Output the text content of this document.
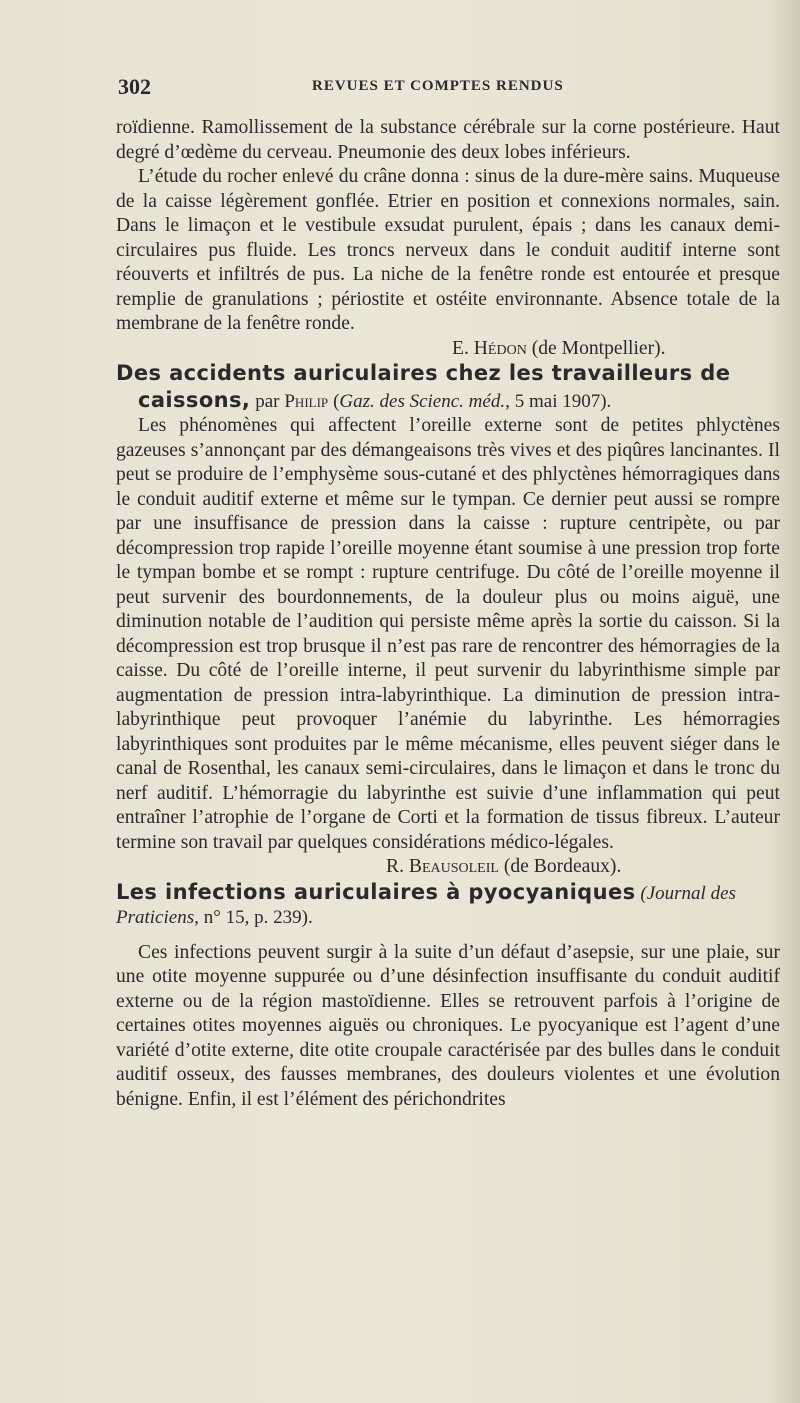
302	REVUES ET COMPTES RENDUS

roïdienne. Ramollissement de la substance cérébrale sur la corne postérieure. Haut degré d’œdème du cerveau. Pneumonie des deux lobes inférieurs.

L’étude du rocher enlevé du crâne donna : sinus de la dure-mère sains. Muqueuse de la caisse légèrement gonflée. Etrier en position et connexions normales, sain. Dans le limaçon et le vestibule exsudat purulent, épais ; dans les canaux demi-circulaires pus fluide. Les troncs nerveux dans le conduit auditif interne sont réouverts et infiltrés de pus. La niche de la fenêtre ronde est entourée et presque remplie de granulations ; périostite et ostéite environnante. Absence totale de la membrane de la fenêtre ronde.

E. Hédon (de Montpellier).

Des accidents auriculaires chez les travailleurs de
caissons, par Philip (Gaz. des Scienc. méd., 5 mai 1907).

Les phénomènes qui affectent l’oreille externe sont de petites phlyctènes gazeuses s’annonçant par des démangeaisons très vives et des piqûres lancinantes. Il peut se produire de l’emphysème sous-cutané et des phlyctènes hémorragiques dans le conduit auditif externe et même sur le tympan. Ce dernier peut aussi se rompre par une insuffisance de pression dans la caisse : rupture centripète, ou par décompression trop rapide l’oreille moyenne étant soumise à une pression trop forte le tympan bombe et se rompt : rupture centrifuge. Du côté de l’oreille moyenne il peut survenir des bourdonnements, de la douleur plus ou moins aiguë, une diminution notable de l’audition qui persiste même après la sortie du caisson. Si la décompression est trop brusque il n’est pas rare de rencontrer des hémorragies de la caisse. Du côté de l’oreille interne, il peut survenir du labyrinthisme simple par augmentation de pression intra-labyrinthique. La diminution de pression intra-labyrinthique peut provoquer l’anémie du labyrinthe. Les hémorragies labyrinthiques sont produites par le même mécanisme, elles peuvent siéger dans le canal de Rosenthal, les canaux semi-circulaires, dans le limaçon et dans le tronc du nerf auditif. L’hémorragie du labyrinthe est suivie d’une inflammation qui peut entraîner l’atrophie de l’organe de Corti et la formation de tissus fibreux. L’auteur termine son travail par quelques considérations médico-légales.

R. Beausoleil (de Bordeaux).

Les infections auriculaires à pyocyaniques (Journal des Praticiens, n° 15, p. 239).

Ces infections peuvent surgir à la suite d’un défaut d’asepsie, sur une plaie, sur une otite moyenne suppurée ou d’une désinfection insuffisante du conduit auditif externe ou de la région mastoïdienne. Elles se retrouvent parfois à l’origine de certaines otites moyennes aiguës ou chroniques. Le pyocyanique est l’agent d’une variété d’otite externe, dite otite croupale caractérisée par des bulles dans le conduit auditif osseux, des fausses membranes, des douleurs violentes et une évolution bénigne. Enfin, il est l’élément des périchondrites
